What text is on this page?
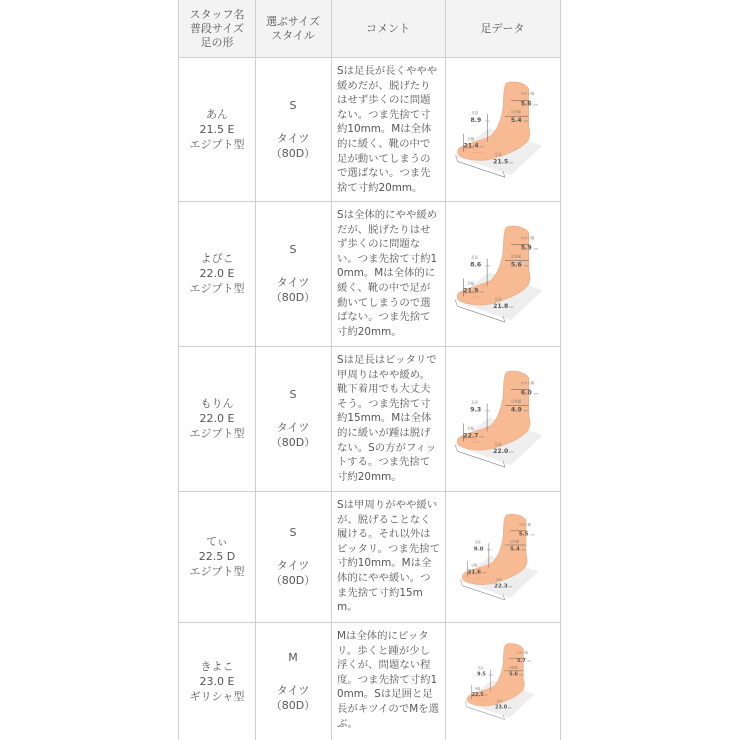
スタッフ名
普段サイズ
足の形
選ぶサイズ
スタイル
コメント	足データ
あん
21.5 E
エジプト型
S
タイツ
（80D）
Sは足長が長くややや緩めだが、脱げたりはせず歩くのに問題ない。つま先捨て寸約10mm。Mは全体的に緩く、靴の中で足が動いてしまうので選ばない。つま先捨て寸約20mm。
足高
8.9 cm
かかと幅
5.6 cm
足首幅
5.4 cm
足幅
21.4 cm
足長
21.5 cm
よぴこ
22.0 E
エジプト型
S
タイツ
（80D）
Sは全体的にやや緩めだが、脱げたりはせず歩くのに問題ない。つま先捨て寸約10mm。Mは全体的に緩く、靴の中で足が動いてしまうので選ばない。つま先捨て寸約20mm。
足高
8.6 cm
かかと幅
5.9 cm
足首幅
5.6 cm
足幅
21.9 cm
足長
21.8 cm
もりん
22.0 E
エジプト型
S
タイツ
（80D）
Sは足長はピッタリで甲周りはやや緩め。靴下着用でも大丈夫そう。つま先捨て寸約15mm。Mは全体的に緩いが踵は脱げない。Sの方がフィットする。つま先捨て寸約20mm。
足高
9.3 cm
かかと幅
6.0 cm
足首幅
4.9 cm
足幅
22.7 cm
足長
22.0 cm
てぃ
22.5 D
エジプト型
S
タイツ
（80D）
Sは甲周りがやや緩いが、脱げることなく履ける。それ以外はピッタリ。つま先捨て寸約10mm。Mは全体的にやや緩い。つま先捨て寸約15mm。
足高
9.0 cm
かかと幅
5.5 cm
足首幅
5.4 cm
足幅
21.6 cm
足長
22.3 cm
きよこ
23.0 E
ギリシャ型
M
タイツ
（80D）
Mは全体的にピッタリ。歩くと踵が少し浮くが、問題ない程度。つま先捨て寸約10mm。Sは足囲と足長がキツイのでMを選ぶ。
足高
9.5 cm
かかと幅
5.7 cm
足首幅
5.6 cm
足幅
22.5 cm
足長
23.0 cm
